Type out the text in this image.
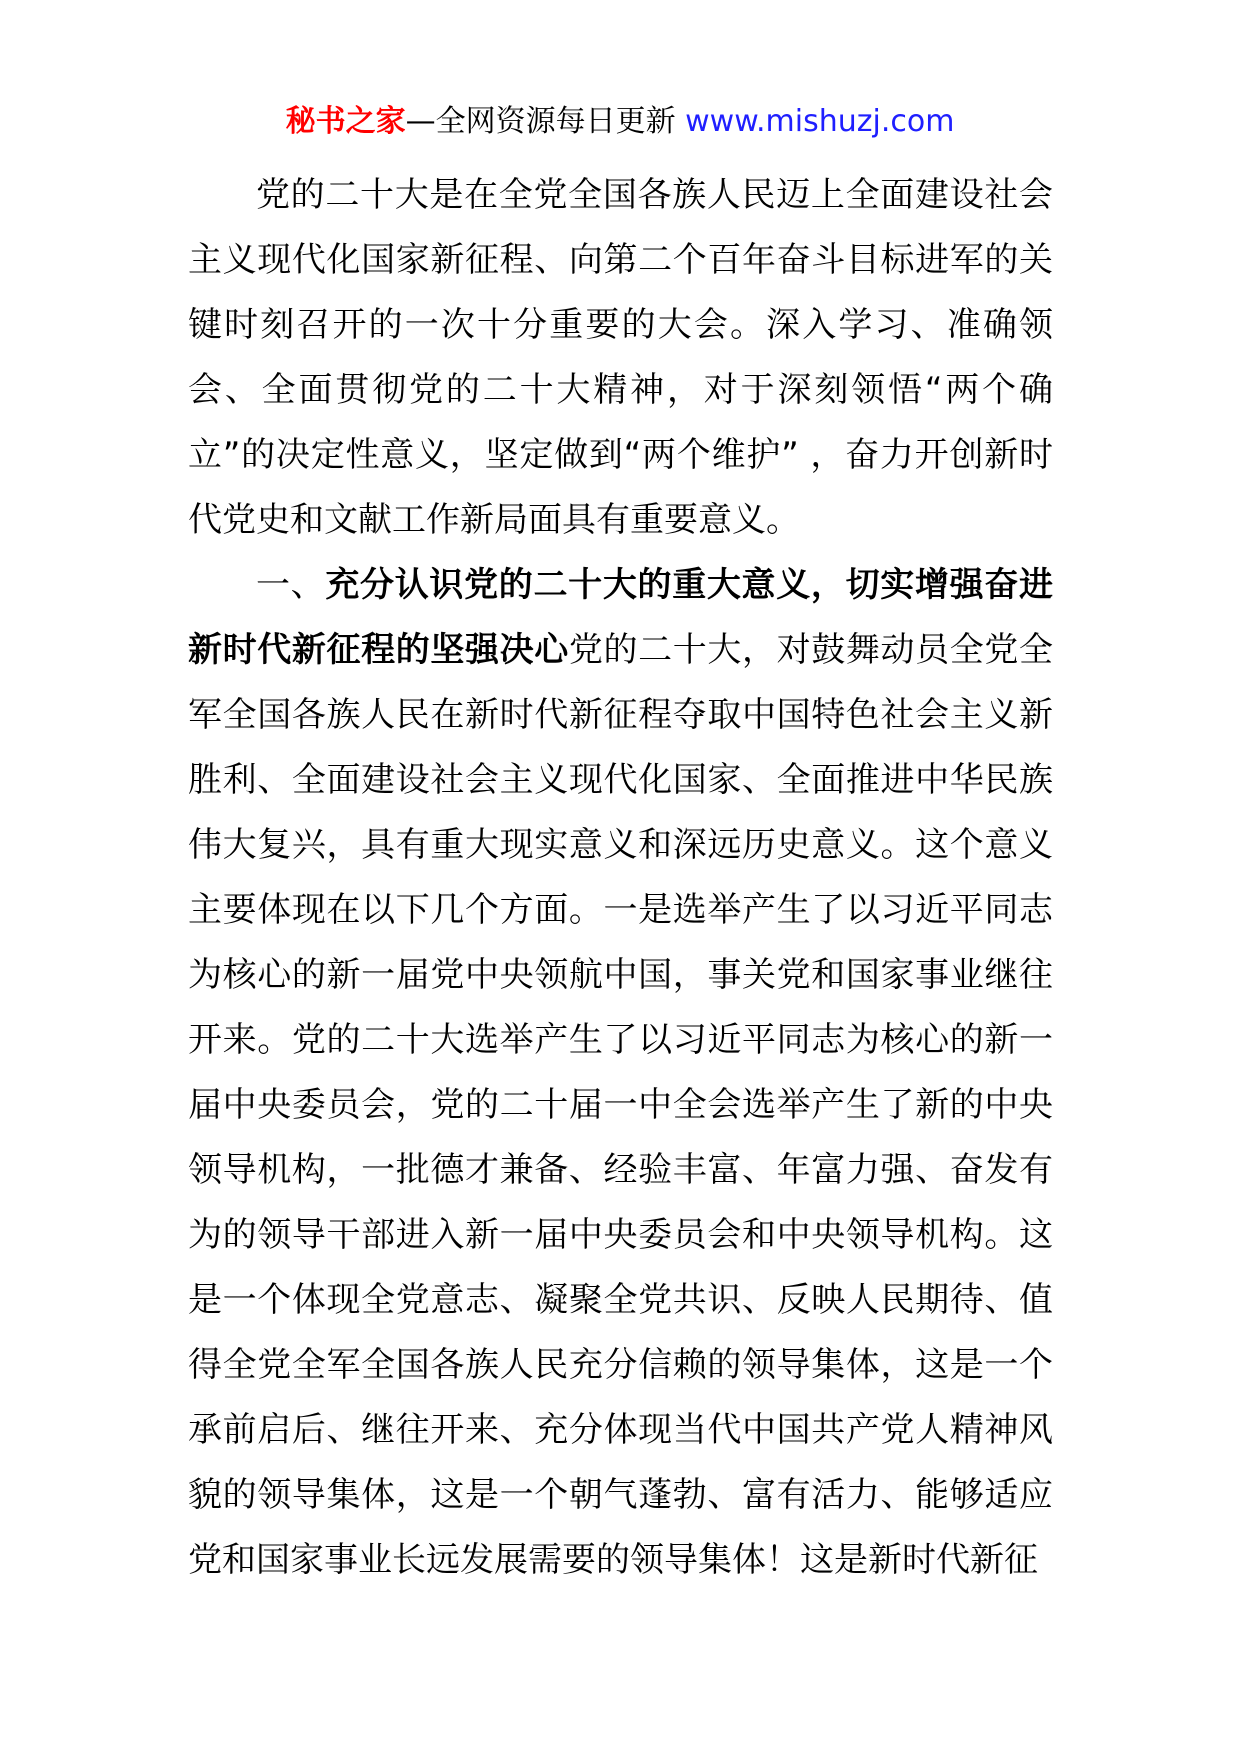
秘书之家—全网资源每日更新 www.mishuzj.com

党的二十大是在全党全国各族人民迈上全面建设社会主义现代化国家新征程、向第二个百年奋斗目标进军的关键时刻召开的一次十分重要的大会。深入学习、准确领会、全面贯彻党的二十大精神，对于深刻领悟“两个确立”的决定性意义，坚定做到“两个维护” ，奋力开创新时代党史和文献工作新局面具有重要意义。

一、充分认识党的二十大的重大意义，切实增强奋进新时代新征程的坚强决心党的二十大，对鼓舞动员全党全军全国各族人民在新时代新征程夺取中国特色社会主义新胜利、全面建设社会主义现代化国家、全面推进中华民族伟大复兴，具有重大现实意义和深远历史意义。这个意义主要体现在以下几个方面。一是选举产生了以习近平同志为核心的新一届党中央领航中国，事关党和国家事业继往开来。党的二十大选举产生了以习近平同志为核心的新一届中央委员会，党的二十届一中全会选举产生了新的中央领导机构，一批德才兼备、经验丰富、年富力强、奋发有为的领导干部进入新一届中央委员会和中央领导机构。这是一个体现全党意志、凝聚全党共识、反映人民期待、值得全党全军全国各族人民充分信赖的领导集体，这是一个承前启后、继往开来、充分体现当代中国共产党人精神风貌的领导集体，这是一个朝气蓬勃、富有活力、能够适应党和国家事业长远发展需要的领导集体！这是新时代新征
